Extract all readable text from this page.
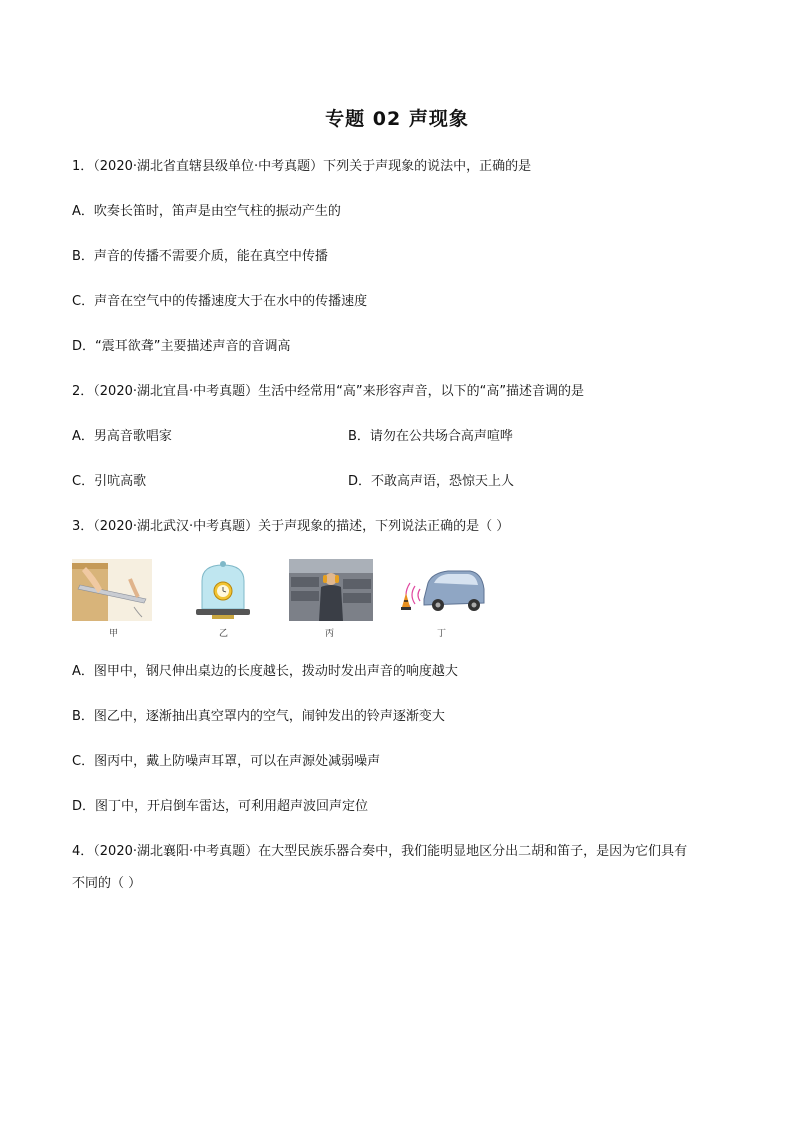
专题 02 声现象
1．（2020·湖北省直辖县级单位·中考真题）下列关于声现象的说法中，正确的是
A．吹奏长笛时，笛声是由空气柱的振动产生的
B．声音的传播不需要介质，能在真空中传播
C．声音在空气中的传播速度大于在水中的传播速度
D．“震耳欲聋”主要描述声音的音调高
2．（2020·湖北宜昌·中考真题）生活中经常用“高”来形容声音，以下的“高”描述音调的是
A．男高音歌唱家	B．请勿在公共场合高声喧哗
C．引吭高歌	D．不敢高声语，恐惊天上人
3．（2020·湖北武汉·中考真题）关于声现象的描述，下列说法正确的是（ ）
甲	乙	丙	丁
A．图甲中，钢尺伸出桌边的长度越长，拨动时发出声音的响度越大
B．图乙中，逐渐抽出真空罩内的空气，闹钟发出的铃声逐渐变大
C．图丙中，戴上防噪声耳罩，可以在声源处减弱噪声
D．图丁中，开启倒车雷达，可利用超声波回声定位
4．（2020·湖北襄阳·中考真题）在大型民族乐器合奏中，我们能明显地区分出二胡和笛子，是因为它们具有
不同的（ ）
